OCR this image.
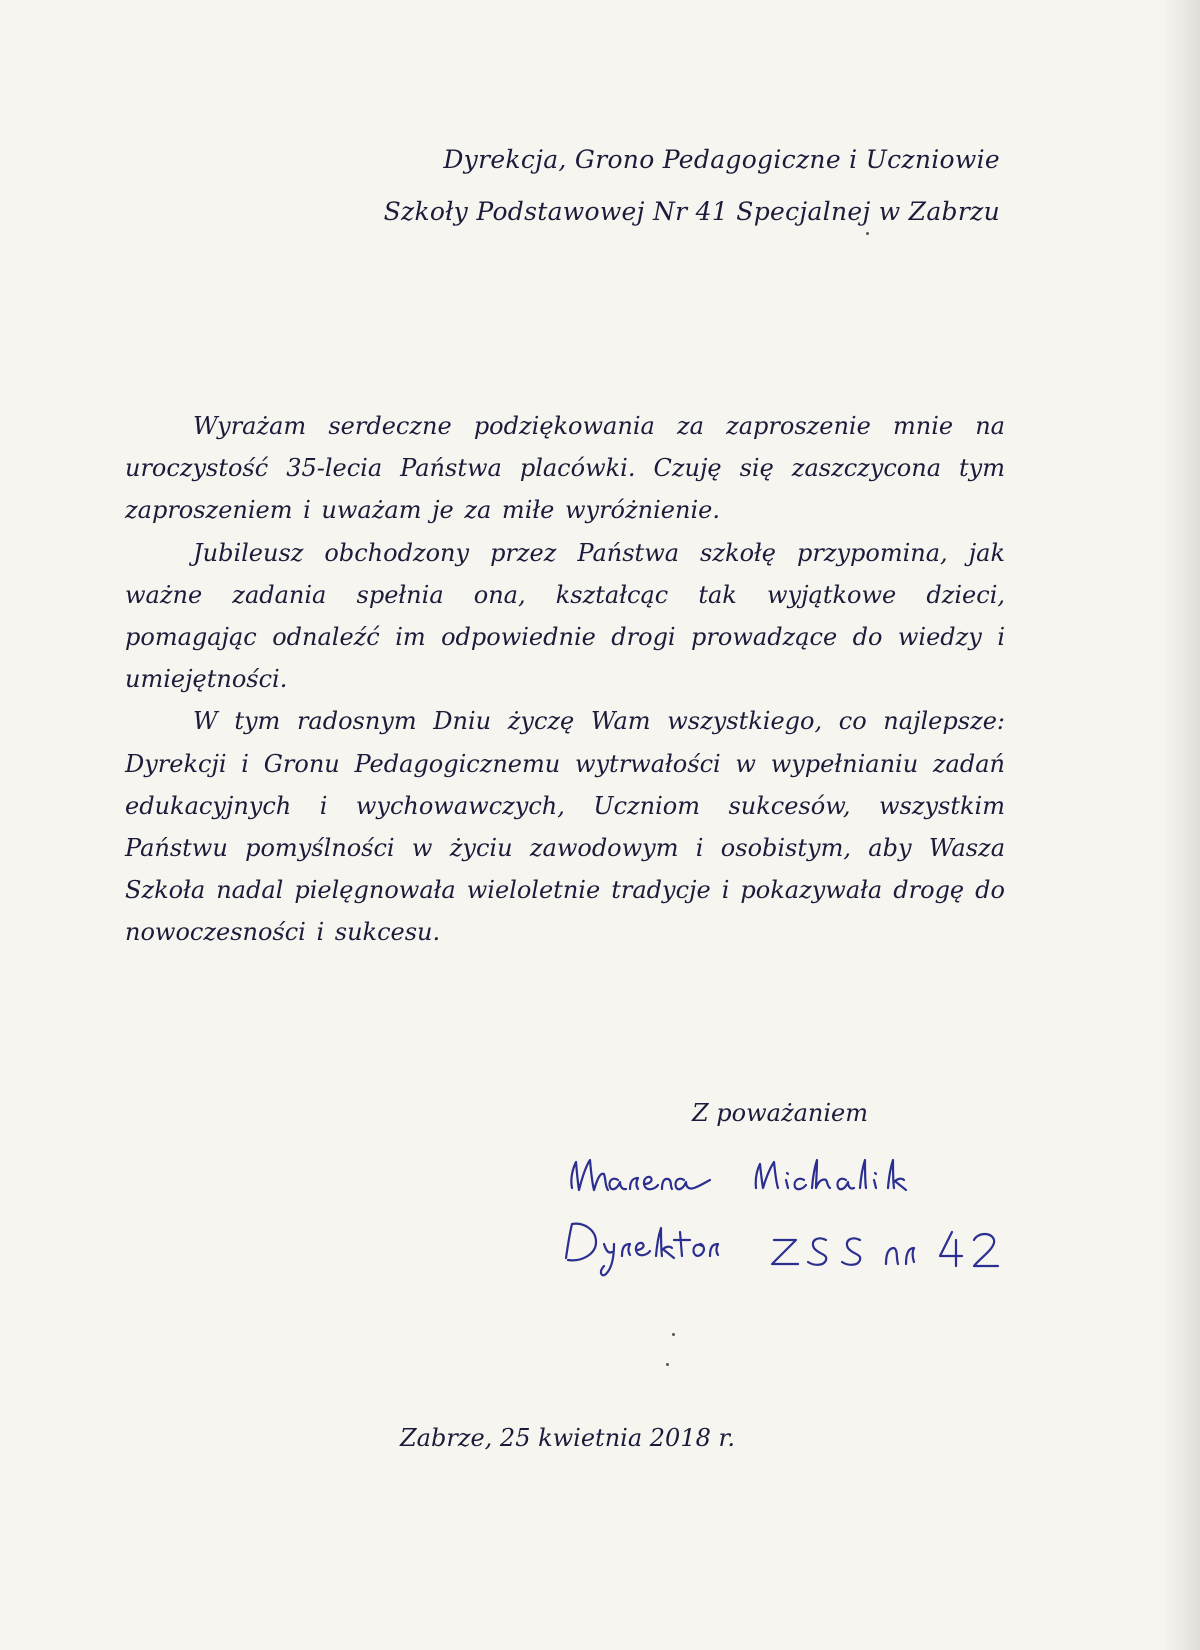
Dyrekcja, Grono Pedagogiczne i Uczniowie
Szkoły Podstawowej Nr 41 Specjalnej w Zabrzu

Wyrażam serdeczne podziękowania za zaproszenie mnie na uroczystość 35-lecia Państwa placówki. Czuję się zaszczycona tym zaproszeniem i uważam je za miłe wyróżnienie.

Jubileusz obchodzony przez Państwa szkołę przypomina, jak ważne zadania spełnia ona, kształcąc tak wyjątkowe dzieci, pomagając odnaleźć im odpowiednie drogi prowadzące do wiedzy i umiejętności.

W tym radosnym Dniu życzę Wam wszystkiego, co najlepsze: Dyrekcji i Gronu Pedagogicznemu wytrwałości w wypełnianiu zadań edukacyjnych i wychowawczych, Uczniom sukcesów, wszystkim Państwu pomyślności w życiu zawodowym i osobistym, aby Wasza Szkoła nadal pielęgnowała wieloletnie tradycje i pokazywała drogę do nowoczesności i sukcesu.

Z poważaniem
Zabrze, 25 kwietnia 2018 r.
